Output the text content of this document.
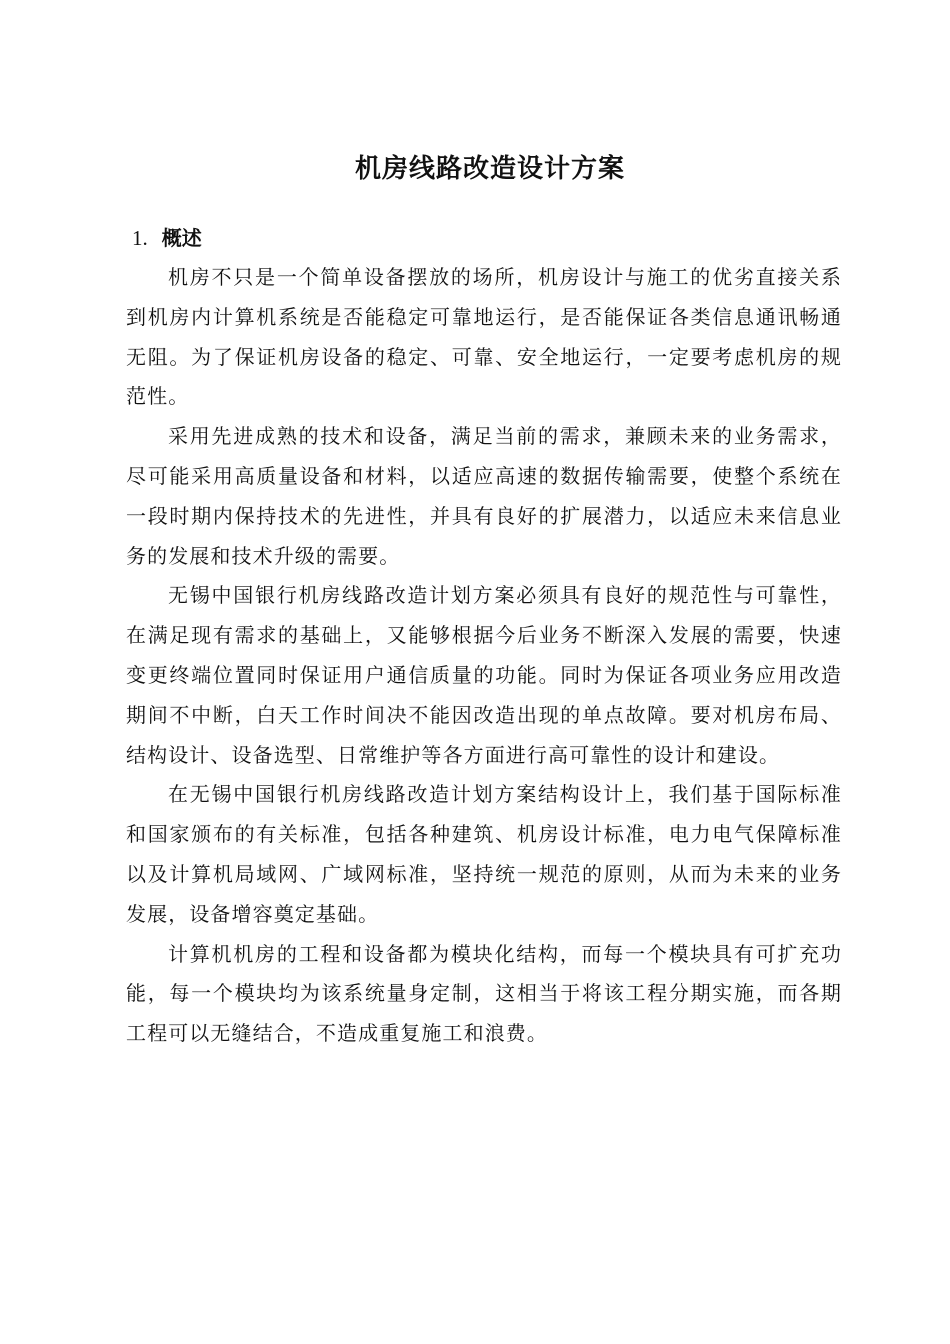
机房线路改造设计方案
1. 概述

机房不只是一个简单设备摆放的场所，机房设计与施工的优劣直接关系到机房内计算机系统是否能稳定可靠地运行，是否能保证各类信息通讯畅通无阻。为了保证机房设备的稳定、可靠、安全地运行，一定要考虑机房的规范性。

采用先进成熟的技术和设备，满足当前的需求，兼顾未来的业务需求，尽可能采用高质量设备和材料，以适应高速的数据传输需要，使整个系统在一段时期内保持技术的先进性，并具有良好的扩展潜力，以适应未来信息业务的发展和技术升级的需要。

无锡中国银行机房线路改造计划方案必须具有良好的规范性与可靠性，在满足现有需求的基础上，又能够根据今后业务不断深入发展的需要，快速变更终端位置同时保证用户通信质量的功能。同时为保证各项业务应用改造期间不中断，白天工作时间决不能因改造出现的单点故障。要对机房布局、结构设计、设备选型、日常维护等各方面进行高可靠性的设计和建设。

在无锡中国银行机房线路改造计划方案结构设计上，我们基于国际标准和国家颁布的有关标准，包括各种建筑、机房设计标准，电力电气保障标准以及计算机局域网、广域网标准，坚持统一规范的原则，从而为未来的业务发展，设备增容奠定基础。

计算机机房的工程和设备都为模块化结构，而每一个模块具有可扩充功能，每一个模块均为该系统量身定制，这相当于将该工程分期实施，而各期工程可以无缝结合，不造成重复施工和浪费。
